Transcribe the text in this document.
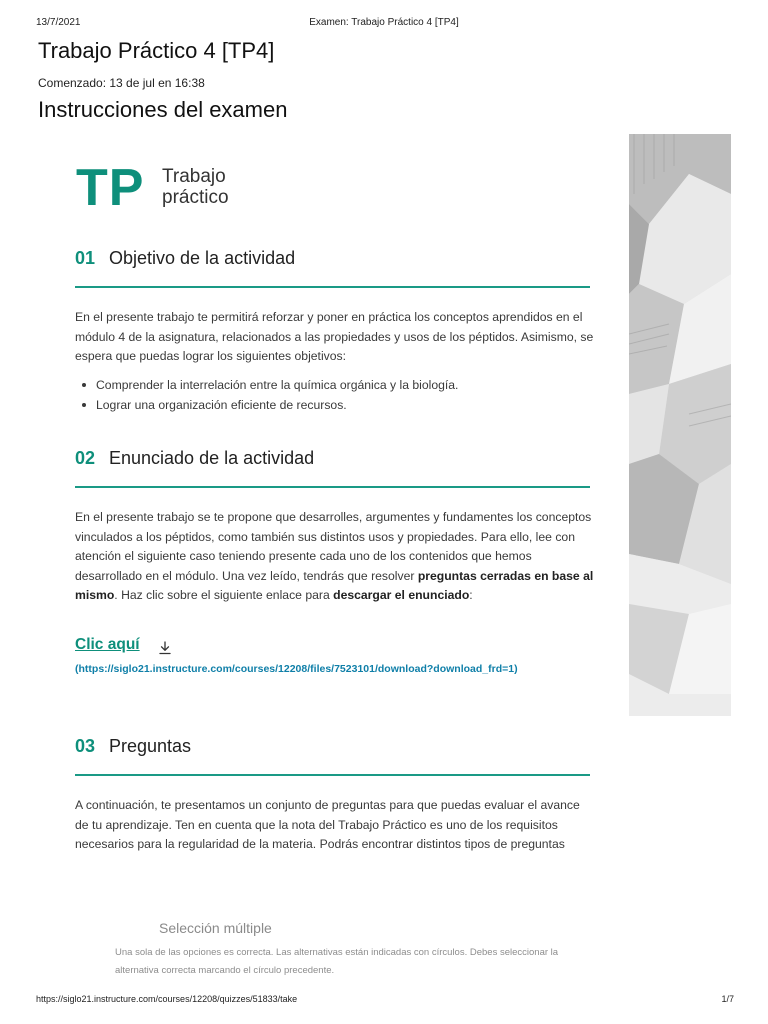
13/7/2021	Examen: Trabajo Práctico 4 [TP4]
Trabajo Práctico 4 [TP4]
Comenzado: 13 de jul en 16:38
Instrucciones del examen
TP Trabajo
práctico
01 Objetivo de la actividad

En el presente trabajo te permitirá reforzar y poner en práctica los conceptos aprendidos en el módulo 4 de la asignatura, relacionados a las propiedades y usos de los péptidos. Asimismo, se espera que puedas lograr los siguientes objetivos:

Comprender la interrelación entre la química orgánica y la biología.
Lograr una organización eficiente de recursos.
02 Enunciado de la actividad

En el presente trabajo se te propone que desarrolles, argumentes y fundamentes los conceptos vinculados a los péptidos, como también sus distintos usos y propiedades. Para ello, lee con atención el siguiente caso teniendo presente cada uno de los contenidos que hemos desarrollado en el módulo. Una vez leído, tendrás que resolver preguntas cerradas en base al mismo. Haz clic sobre el siguiente enlace para descargar el enunciado:

Clic aquí

(https://siglo21.instructure.com/courses/12208/files/7523101/download?download_frd=1)

03 Preguntas

A continuación, te presentamos un conjunto de preguntas para que puedas evaluar el avance de tu aprendizaje. Ten en cuenta que la nota del Trabajo Práctico es uno de los requisitos necesarios para la regularidad de la materia. Podrás encontrar distintos tipos de preguntas

Selección múltiple

Una sola de las opciones es correcta. Las alternativas están indicadas con círculos. Debes seleccionar la alternativa correcta marcando el círculo precedente.

https://siglo21.instructure.com/courses/12208/quizzes/51833/take	1/7
